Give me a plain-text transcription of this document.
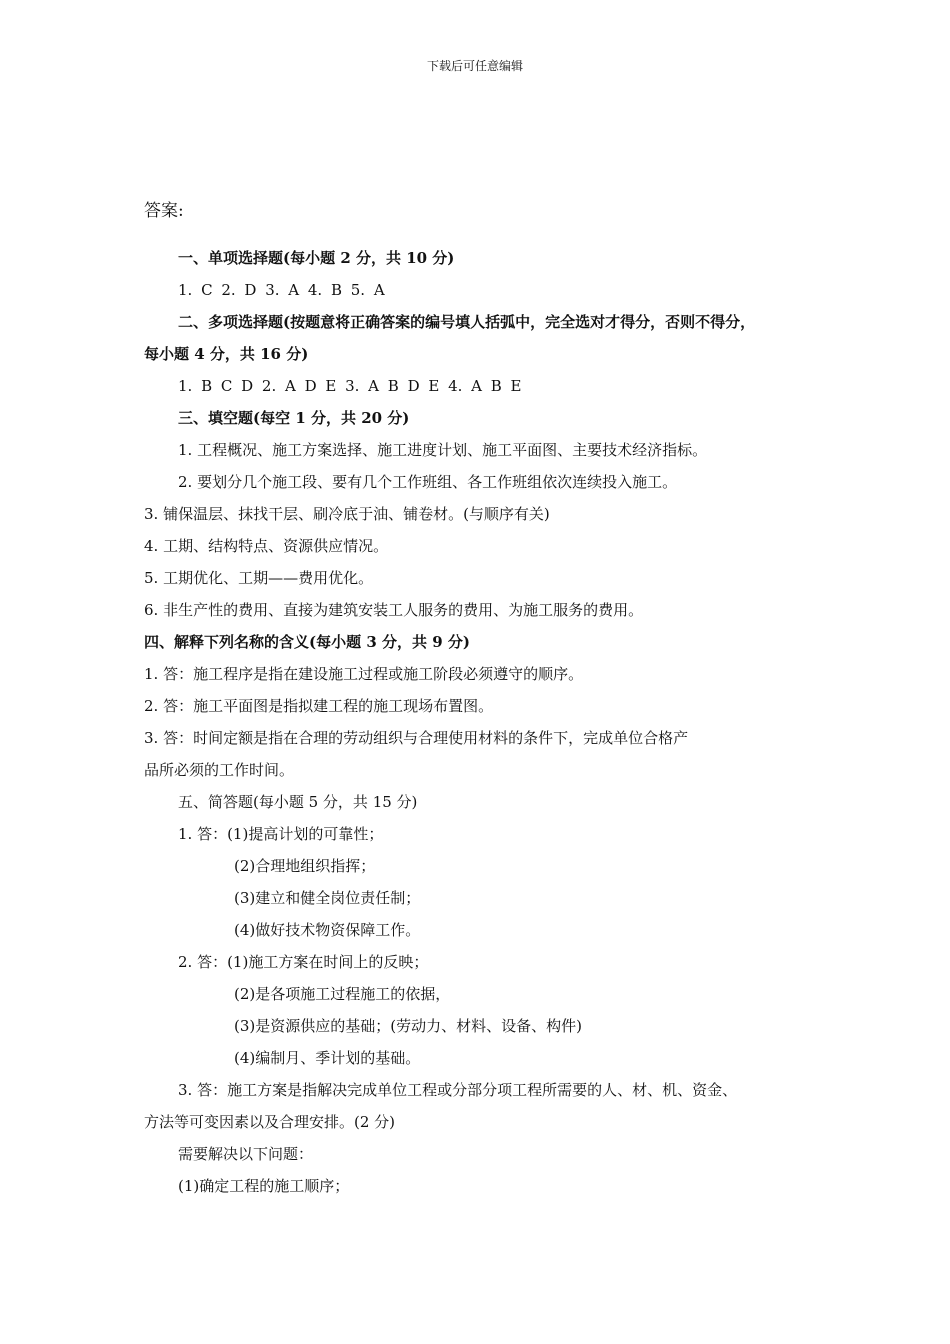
下载后可任意编辑
答案:
一、单项选择题(每小题 2 分，共 10 分)
1. C 2. D 3. A 4. B 5. A
二、多项选择题(按题意将正确答案的编号填人括弧中，完全选对才得分，否则不得分，
每小题 4 分，共 16 分)
1. B C D 2. A D E 3. A B D E 4. A B E
三、填空题(每空 1 分，共 20 分)
1. 工程概况、施工方案选择、施工进度计划、施工平面图、主要技术经济指标。
2. 要划分几个施工段、要有几个工作班组、各工作班组依次连续投入施工。
3. 铺保温层、抹找干层、刷冷底于油、铺卷材。(与顺序有关)
4. 工期、结构特点、资源供应情况。
5. 工期优化、工期——费用优化。
6. 非生产性的费用、直接为建筑安装工人服务的费用、为施工服务的费用。
四、解释下列名称的含义(每小题 3 分，共 9 分)
1. 答：施工程序是指在建设施工过程或施工阶段必须遵守的顺序。
2. 答：施工平面图是指拟建工程的施工现场布置图。
3. 答：时间定额是指在合理的劳动组织与合理使用材料的条件下，完成单位合格产
品所必须的工作时间。
五、简答题(每小题 5 分，共 15 分)
1. 答：(1)提高计划的可靠性；
(2)合理地组织指挥；
(3)建立和健全岗位责任制；
(4)做好技术物资保障工作。
2. 答：(1)施工方案在时间上的反映；
(2)是各项施工过程施工的依据，
(3)是资源供应的基础；(劳动力、材料、设备、构件)
(4)编制月、季计划的基础。
3. 答：施工方案是指解决完成单位工程或分部分项工程所需要的人、材、机、资金、
方法等可变因素以及合理安排。(2 分)
需要解决以下问题：
(1)确定工程的施工顺序；
